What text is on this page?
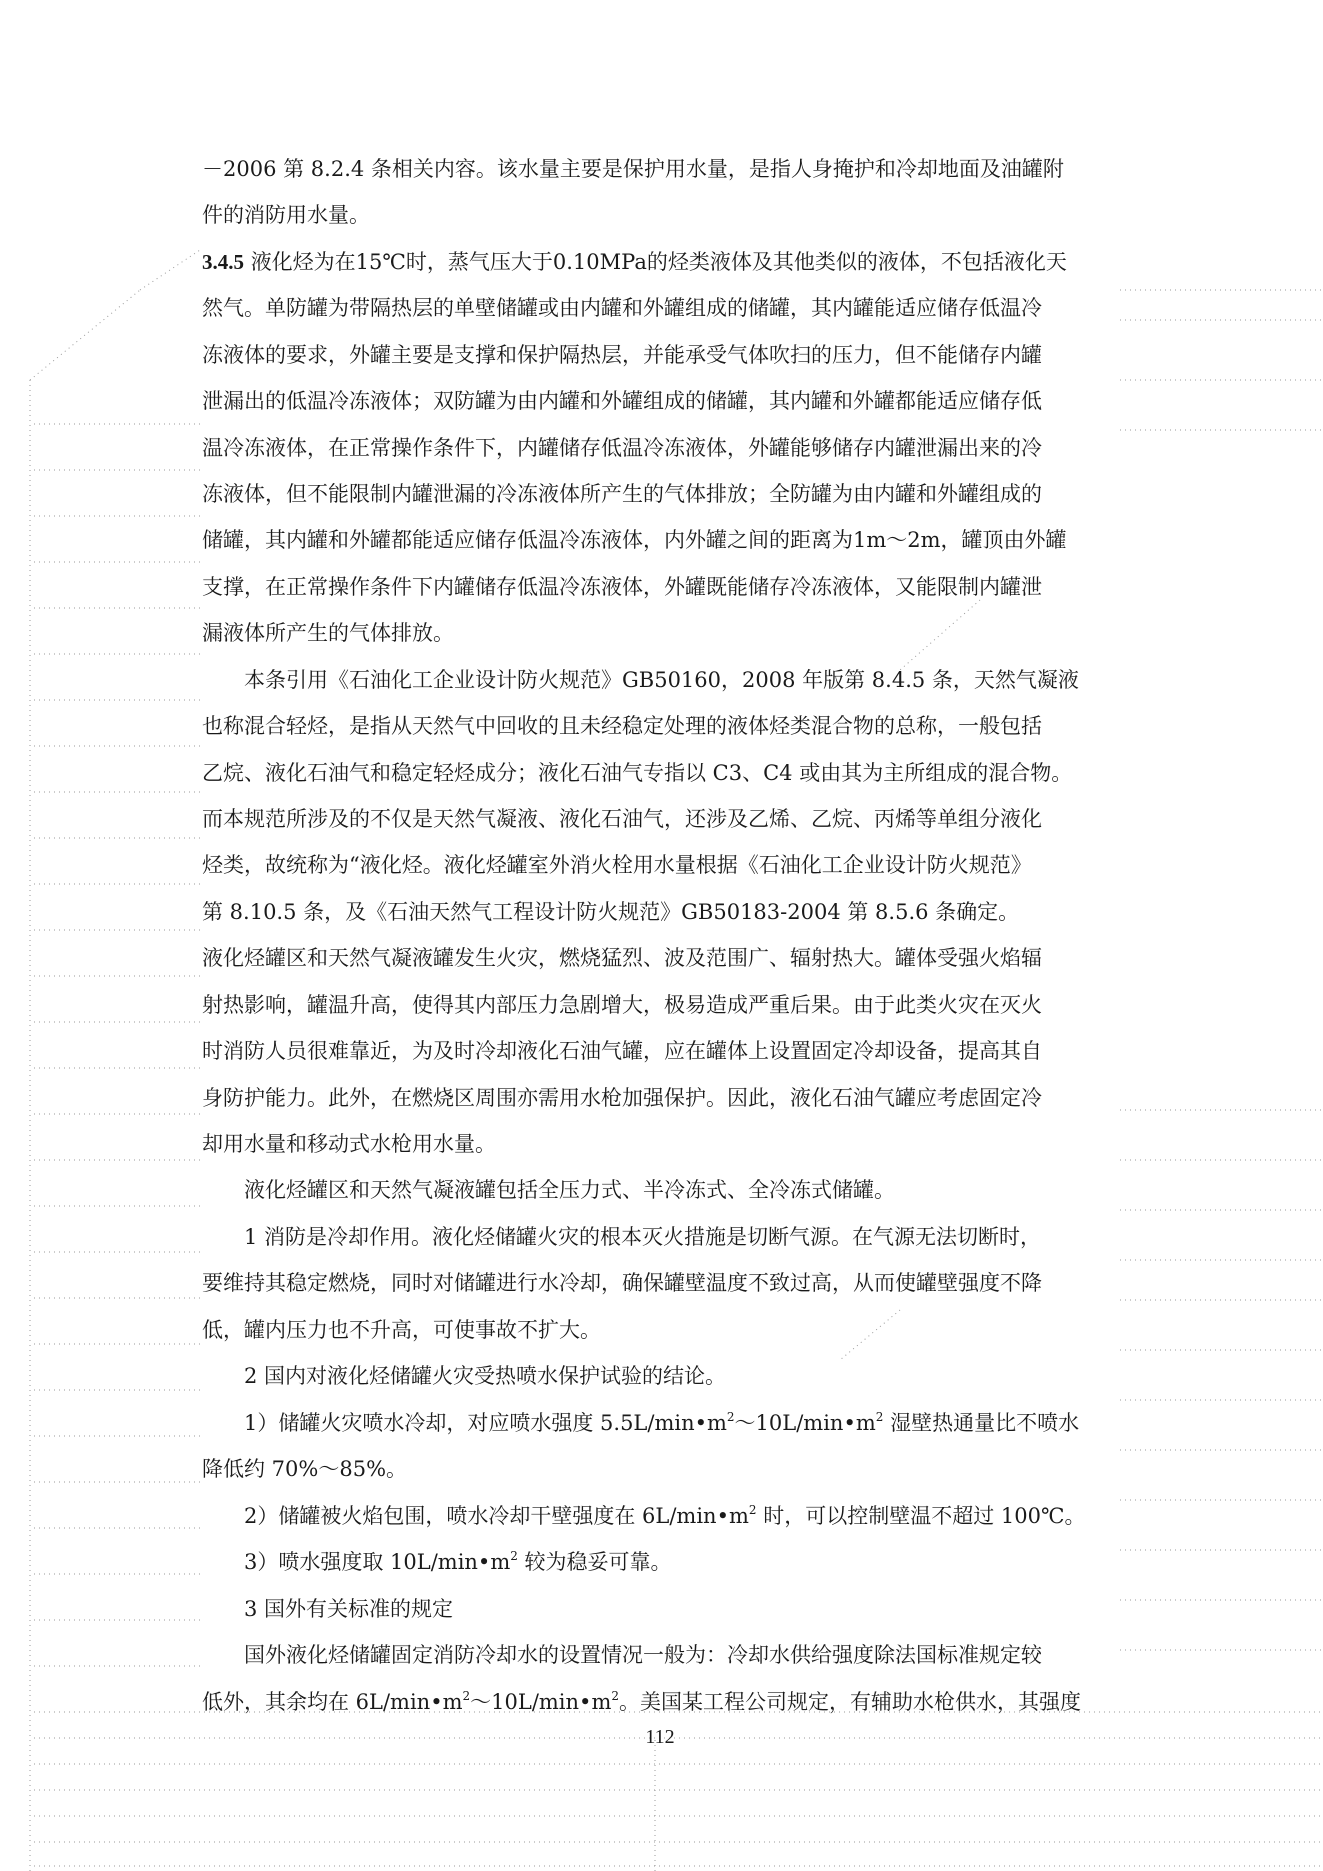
－2006 第 8.2.4 条相关内容。该水量主要是保护用水量，是指人身掩护和冷却地面及油罐附
件的消防用水量。
3.4.5 液化烃为在15℃时，蒸气压大于0.10MPa的烃类液体及其他类似的液体，不包括液化天
然气。单防罐为带隔热层的单壁储罐或由内罐和外罐组成的储罐，其内罐能适应储存低温冷
冻液体的要求，外罐主要是支撑和保护隔热层，并能承受气体吹扫的压力，但不能储存内罐
泄漏出的低温冷冻液体；双防罐为由内罐和外罐组成的储罐，其内罐和外罐都能适应储存低
温冷冻液体，在正常操作条件下，内罐储存低温冷冻液体，外罐能够储存内罐泄漏出来的冷
冻液体，但不能限制内罐泄漏的冷冻液体所产生的气体排放；全防罐为由内罐和外罐组成的
储罐，其内罐和外罐都能适应储存低温冷冻液体，内外罐之间的距离为1m～2m，罐顶由外罐
支撑，在正常操作条件下内罐储存低温冷冻液体，外罐既能储存冷冻液体，又能限制内罐泄
漏液体所产生的气体排放。
本条引用《石油化工企业设计防火规范》GB50160，2008 年版第 8.4.5 条，天然气凝液
也称混合轻烃，是指从天然气中回收的且未经稳定处理的液体烃类混合物的总称，一般包括
乙烷、液化石油气和稳定轻烃成分；液化石油气专指以 C3、C4 或由其为主所组成的混合物。
而本规范所涉及的不仅是天然气凝液、液化石油气，还涉及乙烯、乙烷、丙烯等单组分液化
烃类，故统称为“液化烃。液化烃罐室外消火栓用水量根据《石油化工企业设计防火规范》
第 8.10.5 条，及《石油天然气工程设计防火规范》GB50183-2004 第 8.5.6 条确定。
液化烃罐区和天然气凝液罐发生火灾，燃烧猛烈、波及范围广、辐射热大。罐体受强火焰辐
射热影响，罐温升高，使得其内部压力急剧增大，极易造成严重后果。由于此类火灾在灭火
时消防人员很难靠近，为及时冷却液化石油气罐，应在罐体上设置固定冷却设备，提高其自
身防护能力。此外，在燃烧区周围亦需用水枪加强保护。因此，液化石油气罐应考虑固定冷
却用水量和移动式水枪用水量。
液化烃罐区和天然气凝液罐包括全压力式、半冷冻式、全冷冻式储罐。
1 消防是冷却作用。液化烃储罐火灾的根本灭火措施是切断气源。在气源无法切断时，
要维持其稳定燃烧，同时对储罐进行水冷却，确保罐壁温度不致过高，从而使罐壁强度不降
低，罐内压力也不升高，可使事故不扩大。
2 国内对液化烃储罐火灾受热喷水保护试验的结论。
1）储罐火灾喷水冷却，对应喷水强度 $5.5L/\min•m^2\sim 10L/\min•m^2$ 湿壁热通量比不喷水
降低约 70%～85%。
2）储罐被火焰包围，喷水冷却干壁强度在 $6L/\min•m^2$ 时，可以控制壁温不超过 100℃。
3）喷水强度取 $10L/\min•m^2$ 较为稳妥可靠。
3 国外有关标准的规定
国外液化烃储罐固定消防冷却水的设置情况一般为：冷却水供给强度除法国标准规定较
低外，其余均在 $6L/\min•m^2\sim 10L/\min•m^2$。美国某工程公司规定，有辅助水枪供水，其强度
112
